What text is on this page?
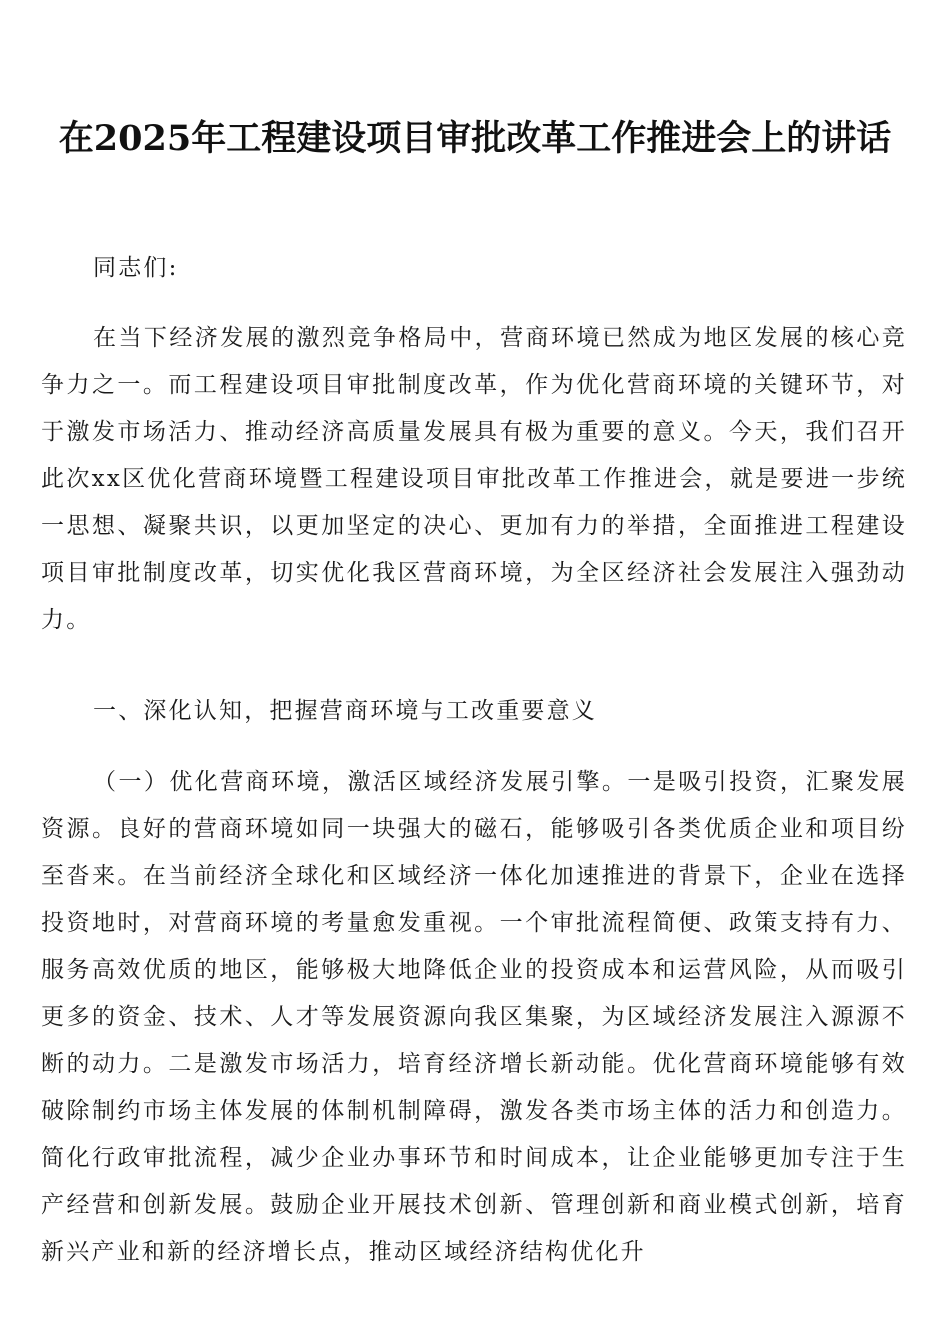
在2025年工程建设项目审批改革工作推进会上的讲话

同志们:

在当下经济发展的激烈竞争格局中，营商环境已然成为地区发展的核心竞争力之一。而工程建设项目审批制度改革，作为优化营商环境的关键环节，对于激发市场活力、推动经济高质量发展具有极为重要的意义。今天，我们召开此次xx区优化营商环境暨工程建设项目审批改革工作推进会，就是要进一步统一思想、凝聚共识，以更加坚定的决心、更加有力的举措，全面推进工程建设项目审批制度改革，切实优化我区营商环境，为全区经济社会发展注入强劲动力。

一、深化认知，把握营商环境与工改重要意义

（一）优化营商环境，激活区域经济发展引擎。一是吸引投资，汇聚发展资源。良好的营商环境如同一块强大的磁石，能够吸引各类优质企业和项目纷至沓来。在当前经济全球化和区域经济一体化加速推进的背景下，企业在选择投资地时，对营商环境的考量愈发重视。一个审批流程简便、政策支持有力、服务高效优质的地区，能够极大地降低企业的投资成本和运营风险，从而吸引更多的资金、技术、人才等发展资源向我区集聚，为区域经济发展注入源源不断的动力。二是激发市场活力，培育经济增长新动能。优化营商环境能够有效破除制约市场主体发展的体制机制障碍，激发各类市场主体的活力和创造力。简化行政审批流程，减少企业办事环节和时间成本，让企业能够更加专注于生产经营和创新发展。鼓励企业开展技术创新、管理创新和商业模式创新，培育新兴产业和新的经济增长点，推动区域经济结构优化升
